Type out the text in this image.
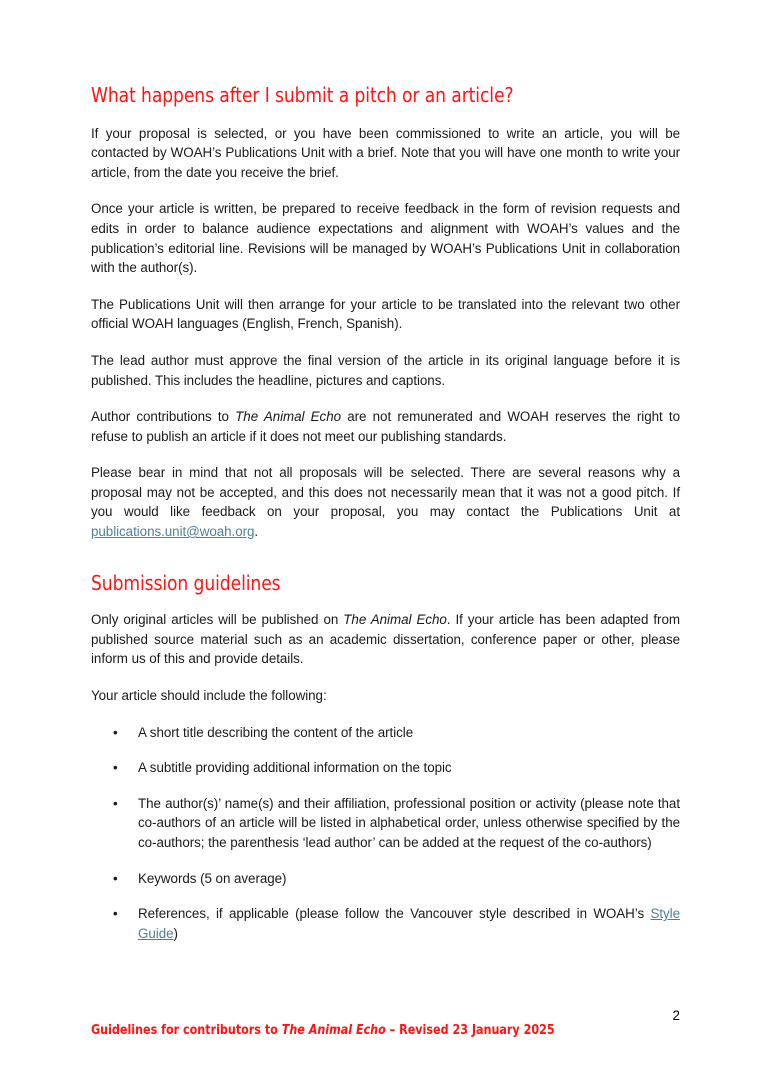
What happens after I submit a pitch or an article?

If your proposal is selected, or you have been commissioned to write an article, you will be contacted by WOAH’s Publications Unit with a brief. Note that you will have one month to write your article, from the date you receive the brief.

Once your article is written, be prepared to receive feedback in the form of revision requests and edits in order to balance audience expectations and alignment with WOAH’s values and the publication’s editorial line. Revisions will be managed by WOAH’s Publications Unit in collaboration with the author(s).

The Publications Unit will then arrange for your article to be translated into the relevant two other official WOAH languages (English, French, Spanish).

The lead author must approve the final version of the article in its original language before it is published. This includes the headline, pictures and captions.

Author contributions to The Animal Echo are not remunerated and WOAH reserves the right to refuse to publish an article if it does not meet our publishing standards.

Please bear in mind that not all proposals will be selected. There are several reasons why a proposal may not be accepted, and this does not necessarily mean that it was not a good pitch. If you would like feedback on your proposal, you may contact the Publications Unit at publications.unit@woah.org.

Submission guidelines

Only original articles will be published on The Animal Echo. If your article has been adapted from published source material such as an academic dissertation, conference paper or other, please inform us of this and provide details.

Your article should include the following:

• A short title describing the content of the article
• A subtitle providing additional information on the topic
• The author(s)’ name(s) and their affiliation, professional position or activity (please note that co-authors of an article will be listed in alphabetical order, unless otherwise specified by the co-authors; the parenthesis ‘lead author’ can be added at the request of the co-authors)
• Keywords (5 on average)
• References, if applicable (please follow the Vancouver style described in WOAH’s Style Guide)
2
Guidelines for contributors to The Animal Echo – Revised 23 January 2025
